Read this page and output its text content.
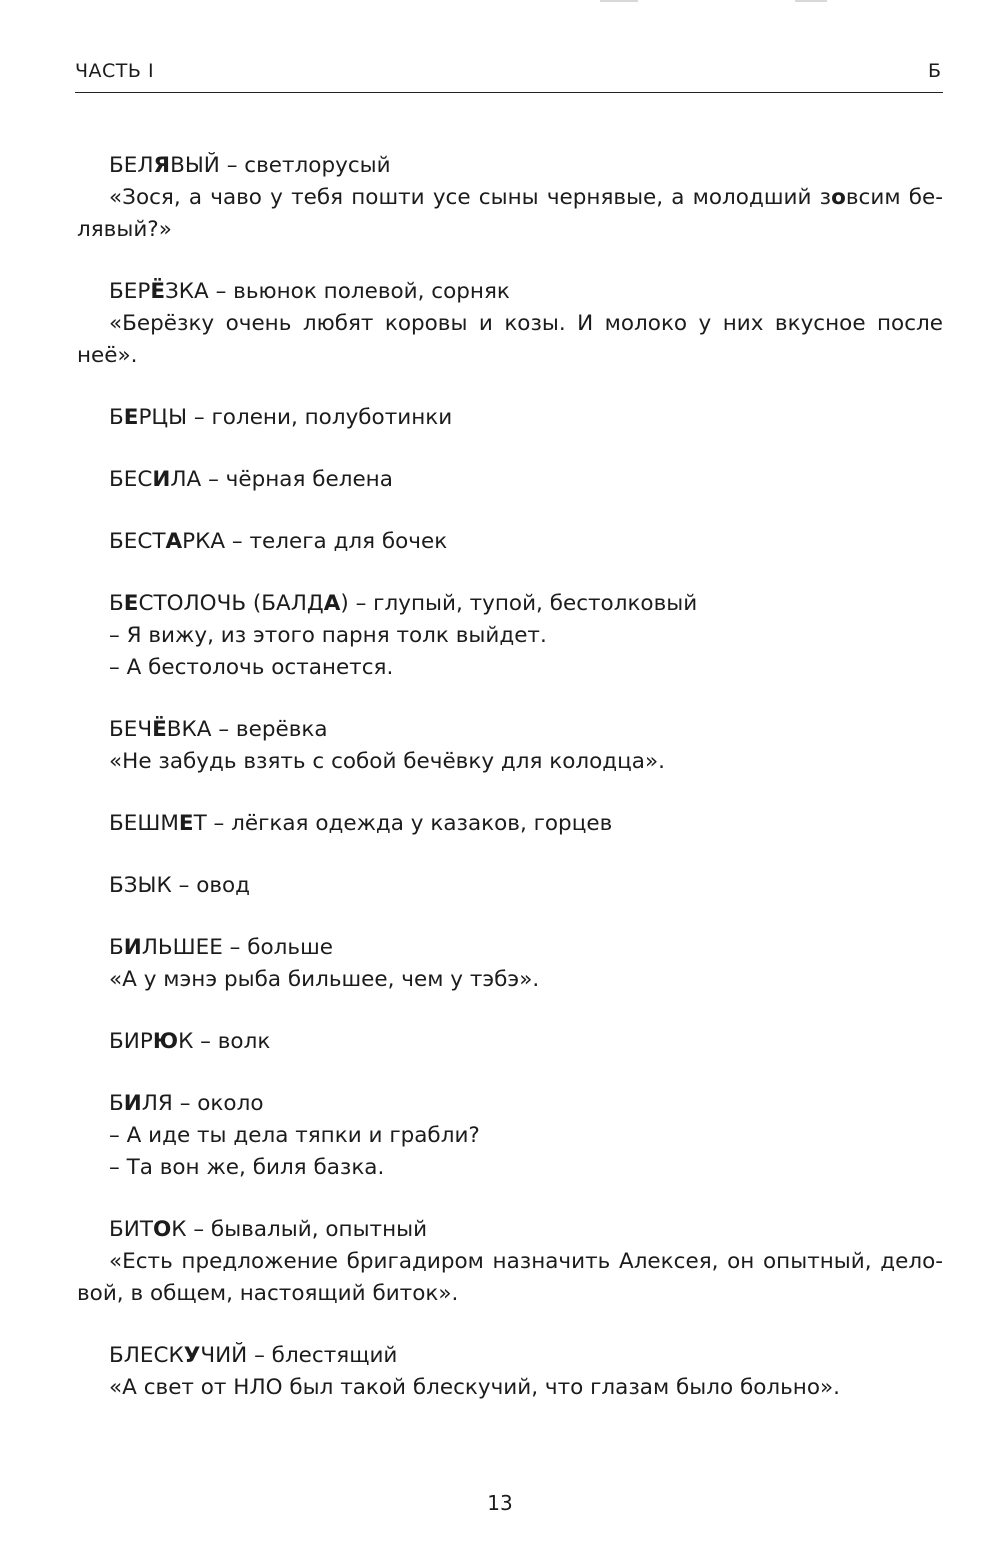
ЧАСТЬ I	Б
БЕЛЯВЫЙ – светлорусый
«Зося, а чаво у тебя пошти усе сыны чернявые, а молодший зовсим бе-
лявый?»
БЕРЁЗКА – вьюнок полевой, сорняк
«Берёзку очень любят коровы и козы. И молоко у них вкусное после
неё».
БЕРЦЫ – голени, полуботинки
БЕСИЛА – чёрная белена
БЕСТАРКА – телега для бочек
БЕСТОЛОЧЬ (БАЛДА) – глупый, тупой, бестолковый
– Я вижу, из этого парня толк выйдет.
– А бестолочь останется.
БЕЧЁВКА – верёвка
«Не забудь взять с собой бечёвку для колодца».
БЕШМЕТ – лёгкая одежда у казаков, горцев
БЗЫК – овод
БИЛЬШЕЕ – больше
«А у мэнэ рыба бильшее, чем у тэбэ».
БИРЮК – волк
БИЛЯ – около
– А иде ты дела тяпки и грабли?
– Та вон же, биля базка.
БИТОК – бывалый, опытный
«Есть предложение бригадиром назначить Алексея, он опытный, дело-
вой, в общем, настоящий биток».
БЛЕСКУЧИЙ – блестящий
«А свет от НЛО был такой блескучий, что глазам было больно».
13
